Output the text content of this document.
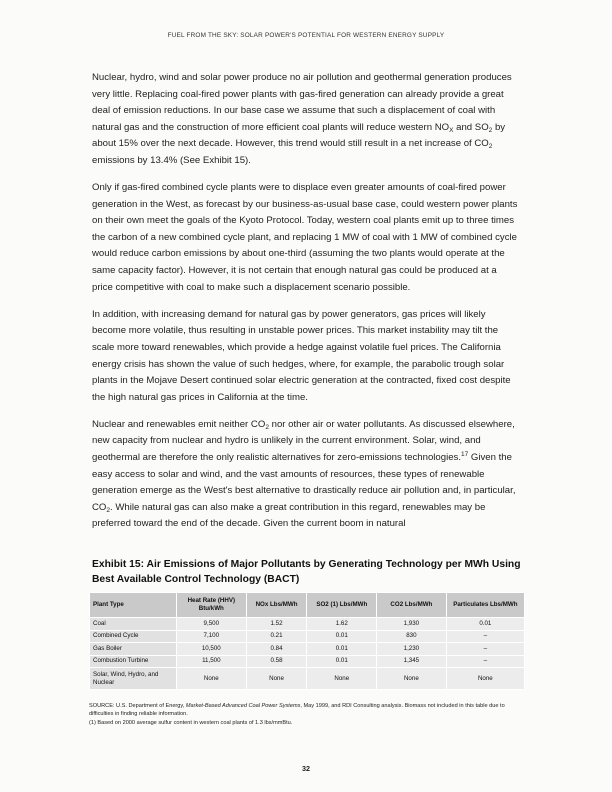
FUEL FROM THE SKY: SOLAR POWER'S POTENTIAL FOR WESTERN ENERGY SUPPLY

Nuclear, hydro, wind and solar power produce no air pollution and geothermal generation produces very little. Replacing coal-fired power plants with gas-fired generation can already provide a great deal of emission reductions. In our base case we assume that such a displacement of coal with natural gas and the construction of more efficient coal plants will reduce western $NO_X$ and $SO_2$ by about 15% over the next decade. However, this trend would still result in a net increase of $CO_2$ emissions by 13.4% (See Exhibit 15).

Only if gas-fired combined cycle plants were to displace even greater amounts of coal-fired power generation in the West, as forecast by our business-as-usual base case, could western power plants on their own meet the goals of the Kyoto Protocol. Today, western coal plants emit up to three times the carbon of a new combined cycle plant, and replacing 1 MW of coal with 1 MW of combined cycle would reduce carbon emissions by about one-third (assuming the two plants would operate at the same capacity factor). However, it is not certain that enough natural gas could be produced at a price competitive with coal to make such a displacement scenario possible.

In addition, with increasing demand for natural gas by power generators, gas prices will likely become more volatile, thus resulting in unstable power prices. This market instability may tilt the scale more toward renewables, which provide a hedge against volatile fuel prices. The California energy crisis has shown the value of such hedges, where, for example, the parabolic trough solar plants in the Mojave Desert continued solar electric generation at the contracted, fixed cost despite the high natural gas prices in California at the time.

Nuclear and renewables emit neither $CO_2$ nor other air or water pollutants. As discussed elsewhere, new capacity from nuclear and hydro is unlikely in the current environment. Solar, wind, and geothermal are therefore the only realistic alternatives for zero-emissions technologies.$^{17}$ Given the easy access to solar and wind, and the vast amounts of resources, these types of renewable generation emerge as the West's best alternative to drastically reduce air pollution and, in particular, $CO_2$. While natural gas can also make a great contribution in this regard, renewables may be preferred toward the end of the decade. Given the current boom in natural

Exhibit 15: Air Emissions of Major Pollutants by Generating Technology per MWh Using Best Available Control Technology (BACT)
Plant Type	Heat Rate (HHV) Btu/kWh	NOx Lbs/MWh	SO2 (1) Lbs/MWh	CO2 Lbs/MWh	Particulates Lbs/MWh
Coal	9,500	1.52	1.62	1,930	0.01
Combined Cycle	7,100	0.21	0.01	830	–
Gas Boiler	10,500	0.84	0.01	1,230	–
Combustion Turbine	11,500	0.58	0.01	1,345	–
Solar, Wind, Hydro, and Nuclear	None	None	None	None	None
SOURCE: U.S. Department of Energy, Market-Based Advanced Coal Power Systems, May 1999, and RDI Consulting analysis. Biomass not included in this table due to difficulties in finding reliable information.
(1) Based on 2000 average sulfur content in western coal plants of 1.3 lbs/mmBtu.
32
